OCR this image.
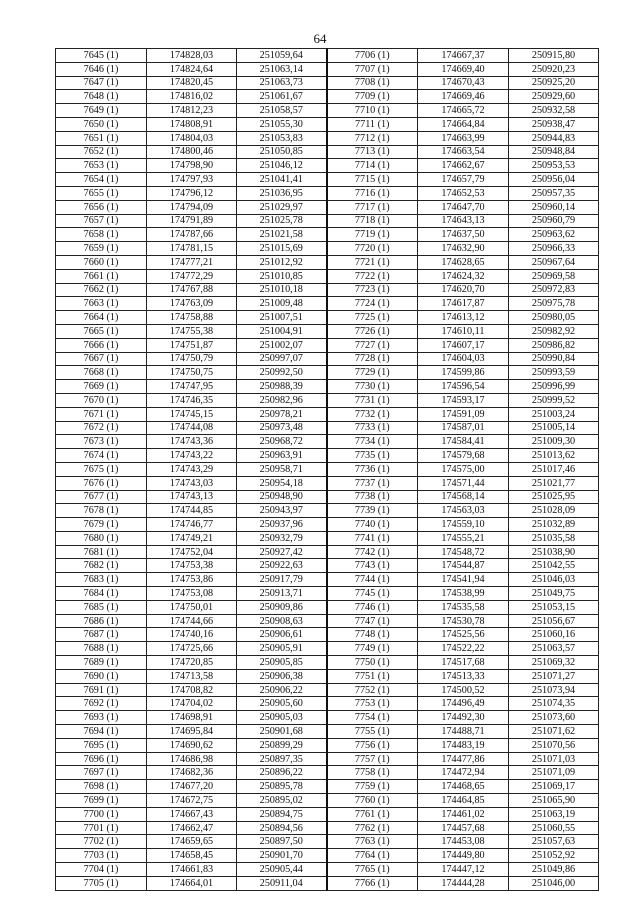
64
7645 (1)	174828,03	251059,64	7706 (1)	174667,37	250915,80
7646 (1)	174824,64	251063,14	7707 (1)	174669,40	250920,23
7647 (1)	174820,45	251063,73	7708 (1)	174670,43	250925,20
7648 (1)	174816,02	251061,67	7709 (1)	174669,46	250929,60
7649 (1)	174812,23	251058,57	7710 (1)	174665,72	250932,58
7650 (1)	174808,91	251055,30	7711 (1)	174664,84	250938,47
7651 (1)	174804,03	251053,83	7712 (1)	174663,99	250944,83
7652 (1)	174800,46	251050,85	7713 (1)	174663,54	250948,84
7653 (1)	174798,90	251046,12	7714 (1)	174662,67	250953,53
7654 (1)	174797,93	251041,41	7715 (1)	174657,79	250956,04
7655 (1)	174796,12	251036,95	7716 (1)	174652,53	250957,35
7656 (1)	174794,09	251029,97	7717 (1)	174647,70	250960,14
7657 (1)	174791,89	251025,78	7718 (1)	174643,13	250960,79
7658 (1)	174787,66	251021,58	7719 (1)	174637,50	250963,62
7659 (1)	174781,15	251015,69	7720 (1)	174632,90	250966,33
7660 (1)	174777,21	251012,92	7721 (1)	174628,65	250967,64
7661 (1)	174772,29	251010,85	7722 (1)	174624,32	250969,58
7662 (1)	174767,88	251010,18	7723 (1)	174620,70	250972,83
7663 (1)	174763,09	251009,48	7724 (1)	174617,87	250975,78
7664 (1)	174758,88	251007,51	7725 (1)	174613,12	250980,05
7665 (1)	174755,38	251004,91	7726 (1)	174610,11	250982,92
7666 (1)	174751,87	251002,07	7727 (1)	174607,17	250986,82
7667 (1)	174750,79	250997,07	7728 (1)	174604,03	250990,84
7668 (1)	174750,75	250992,50	7729 (1)	174599,86	250993,59
7669 (1)	174747,95	250988,39	7730 (1)	174596,54	250996,99
7670 (1)	174746,35	250982,96	7731 (1)	174593,17	250999,52
7671 (1)	174745,15	250978,21	7732 (1)	174591,09	251003,24
7672 (1)	174744,08	250973,48	7733 (1)	174587,01	251005,14
7673 (1)	174743,36	250968,72	7734 (1)	174584,41	251009,30
7674 (1)	174743,22	250963,91	7735 (1)	174579,68	251013,62
7675 (1)	174743,29	250958,71	7736 (1)	174575,00	251017,46
7676 (1)	174743,03	250954,18	7737 (1)	174571,44	251021,77
7677 (1)	174743,13	250948,90	7738 (1)	174568,14	251025,95
7678 (1)	174744,85	250943,97	7739 (1)	174563,03	251028,09
7679 (1)	174746,77	250937,96	7740 (1)	174559,10	251032,89
7680 (1)	174749,21	250932,79	7741 (1)	174555,21	251035,58
7681 (1)	174752,04	250927,42	7742 (1)	174548,72	251038,90
7682 (1)	174753,38	250922,63	7743 (1)	174544,87	251042,55
7683 (1)	174753,86	250917,79	7744 (1)	174541,94	251046,03
7684 (1)	174753,08	250913,71	7745 (1)	174538,99	251049,75
7685 (1)	174750,01	250909,86	7746 (1)	174535,58	251053,15
7686 (1)	174744,66	250908,63	7747 (1)	174530,78	251056,67
7687 (1)	174740,16	250906,61	7748 (1)	174525,56	251060,16
7688 (1)	174725,66	250905,91	7749 (1)	174522,22	251063,57
7689 (1)	174720,85	250905,85	7750 (1)	174517,68	251069,32
7690 (1)	174713,58	250906,38	7751 (1)	174513,33	251071,27
7691 (1)	174708,82	250906,22	7752 (1)	174500,52	251073,94
7692 (1)	174704,02	250905,60	7753 (1)	174496,49	251074,35
7693 (1)	174698,91	250905,03	7754 (1)	174492,30	251073,60
7694 (1)	174695,84	250901,68	7755 (1)	174488,71	251071,62
7695 (1)	174690,62	250899,29	7756 (1)	174483,19	251070,56
7696 (1)	174686,98	250897,35	7757 (1)	174477,86	251071,03
7697 (1)	174682,36	250896,22	7758 (1)	174472,94	251071,09
7698 (1)	174677,20	250895,78	7759 (1)	174468,65	251069,17
7699 (1)	174672,75	250895,02	7760 (1)	174464,85	251065,90
7700 (1)	174667,43	250894,75	7761 (1)	174461,02	251063,19
7701 (1)	174662,47	250894,56	7762 (1)	174457,68	251060,55
7702 (1)	174659,65	250897,50	7763 (1)	174453,08	251057,63
7703 (1)	174658,45	250901,70	7764 (1)	174449,80	251052,92
7704 (1)	174661,83	250905,44	7765 (1)	174447,12	251049,86
7705 (1)	174664,01	250911,04	7766 (1)	174444,28	251046,00
